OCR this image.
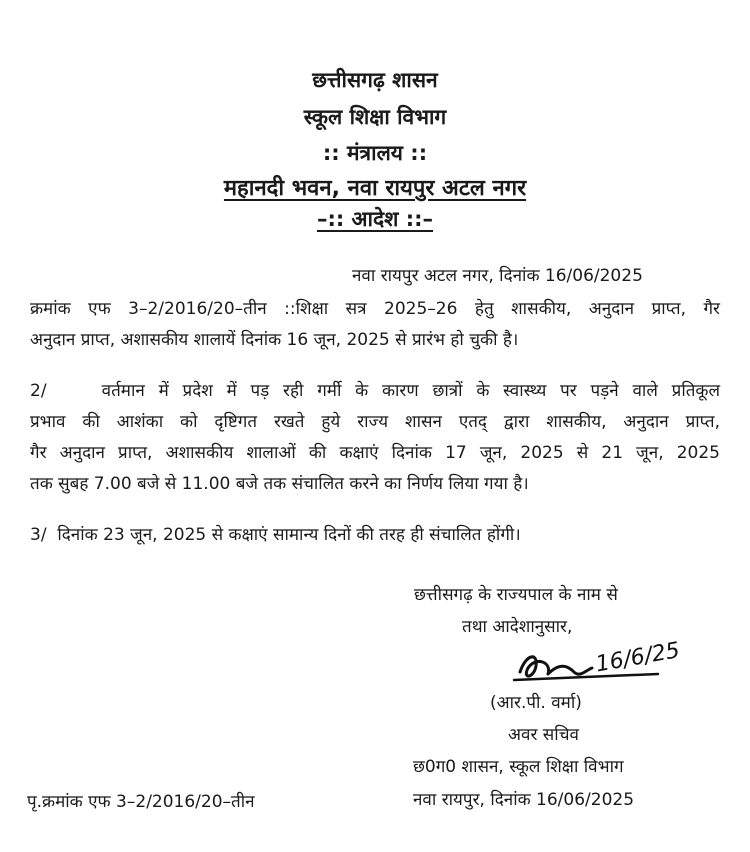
छत्तीसगढ़ शासन
स्कूल शिक्षा विभाग
:: मंत्रालय ::
महानदी भवन, नवा रायपुर अटल नगर
–:: आदेश ::–
नवा रायपुर अटल नगर, दिनांक 16/06/2025
क्रमांक एफ 3–2/2016/20–तीन ::शिक्षा सत्र 2025–26 हेतु शासकीय, अनुदान प्राप्त, गैर
अनुदान प्राप्त, अशासकीय शालायें दिनांक 16 जून, 2025 से प्रारंभ हो चुकी है।
2/    वर्तमान में प्रदेश में पड़ रही गर्मी के कारण छात्रों के स्वास्थ्य पर पड़ने वाले प्रतिकूल
प्रभाव की आशंका को दृष्टिगत रखते हुये राज्य शासन एतद् द्वारा शासकीय, अनुदान प्राप्त,
गैर अनुदान प्राप्त, अशासकीय शालाओं की कक्षाएं दिनांक 17 जून, 2025 से 21 जून, 2025
तक सुबह 7.00 बजे से 11.00 बजे तक संचालित करने का निर्णय लिया गया है।
3/  दिनांक 23 जून, 2025 से कक्षाएं सामान्य दिनों की तरह ही संचालित होंगी।
छत्तीसगढ़ के राज्यपाल के नाम से
तथा आदेशानुसार,
16/6/25
(आर.पी. वर्मा)
अवर सचिव
छ0ग0 शासन, स्कूल शिक्षा विभाग
नवा रायपुर, दिनांक 16/06/2025
पृ.क्रमांक एफ 3–2/2016/20–तीन
